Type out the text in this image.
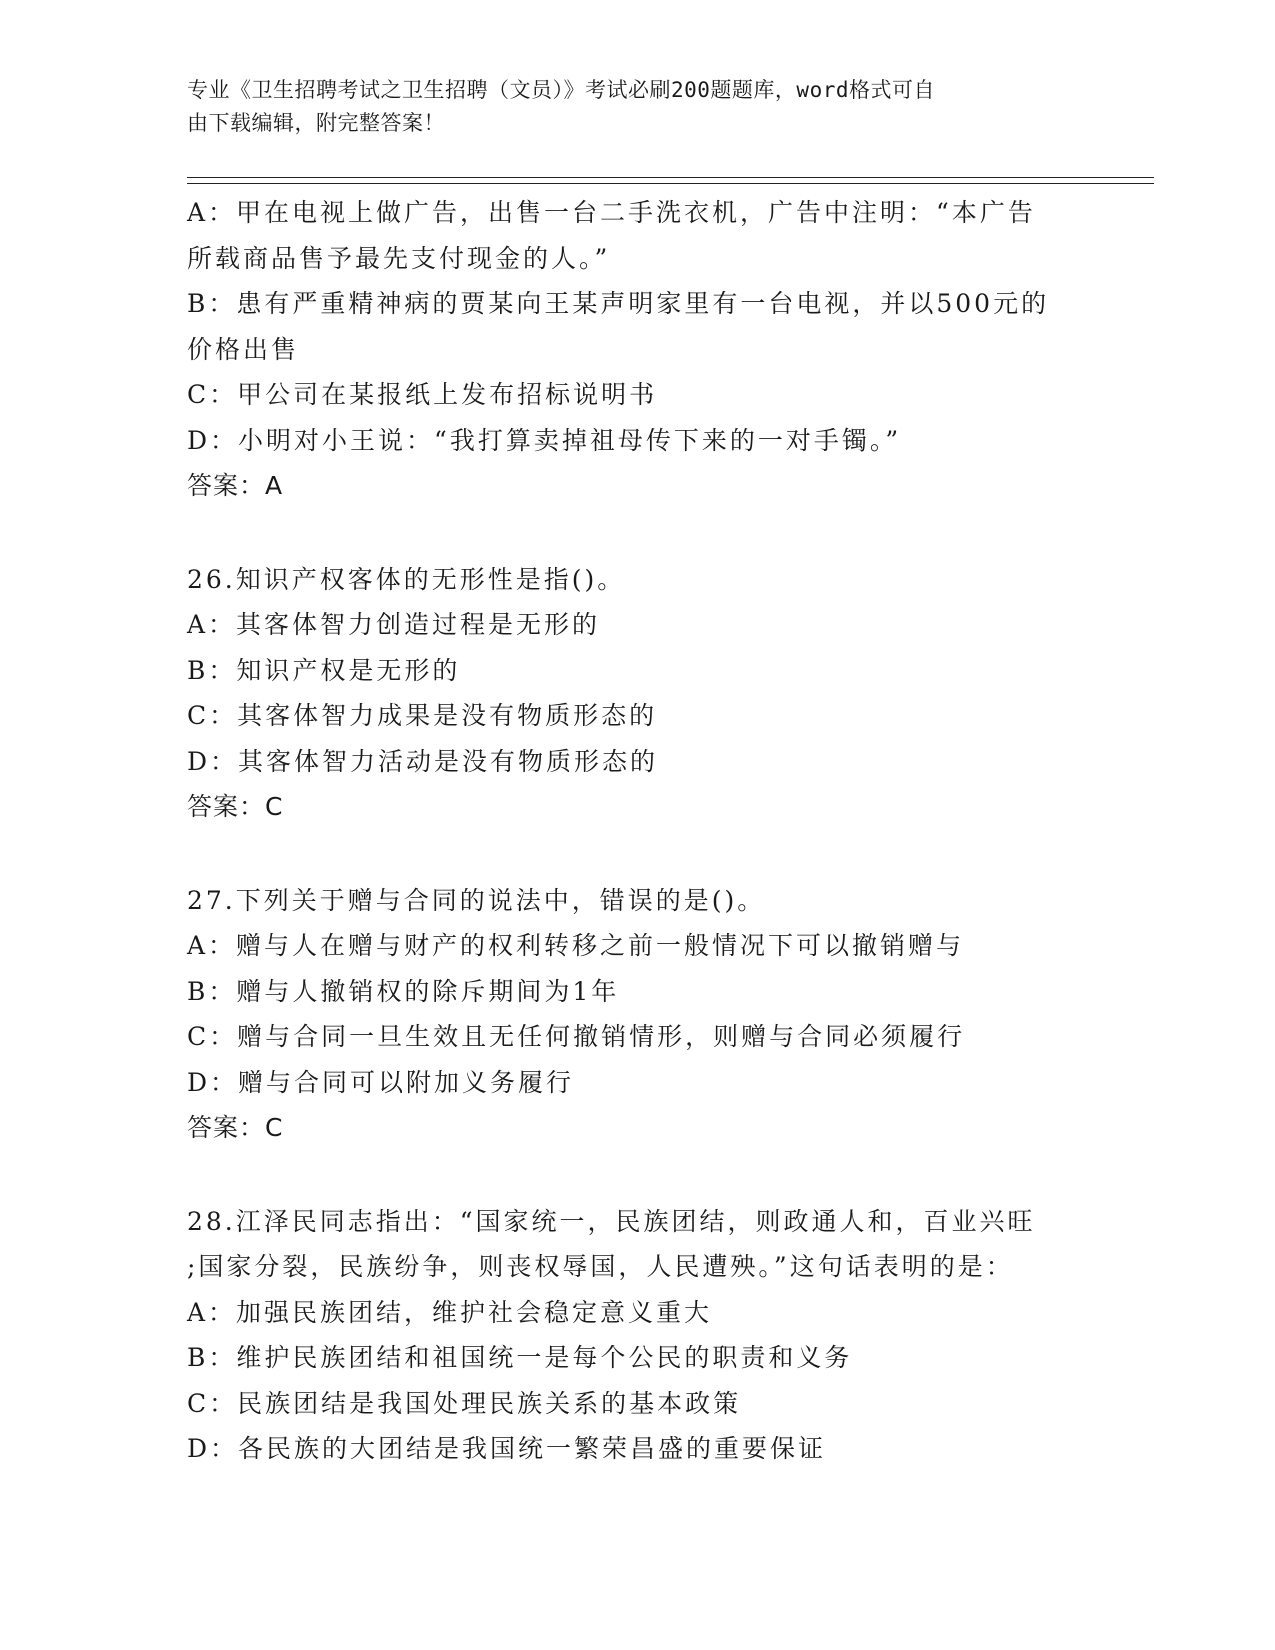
专业《卫生招聘考试之卫生招聘（文员）》考试必刷200题题库，word格式可自
由下载编辑，附完整答案！
A：甲在电视上做广告，出售一台二手洗衣机，广告中注明：“本广告
所载商品售予最先支付现金的人。”
B：患有严重精神病的贾某向王某声明家里有一台电视，并以500元的
价格出售
C：甲公司在某报纸上发布招标说明书
D：小明对小王说：“我打算卖掉祖母传下来的一对手镯。”
答案：A
26.知识产权客体的无形性是指()。
A：其客体智力创造过程是无形的
B：知识产权是无形的
C：其客体智力成果是没有物质形态的
D：其客体智力活动是没有物质形态的
答案：C
27.下列关于赠与合同的说法中，错误的是()。
A：赠与人在赠与财产的权利转移之前一般情况下可以撤销赠与
B：赠与人撤销权的除斥期间为1年
C：赠与合同一旦生效且无任何撤销情形，则赠与合同必须履行
D：赠与合同可以附加义务履行
答案：C
28.江泽民同志指出：“国家统一，民族团结，则政通人和，百业兴旺
;国家分裂，民族纷争，则丧权辱国，人民遭殃。”这句话表明的是：
A：加强民族团结，维护社会稳定意义重大
B：维护民族团结和祖国统一是每个公民的职责和义务
C：民族团结是我国处理民族关系的基本政策
D：各民族的大团结是我国统一繁荣昌盛的重要保证
